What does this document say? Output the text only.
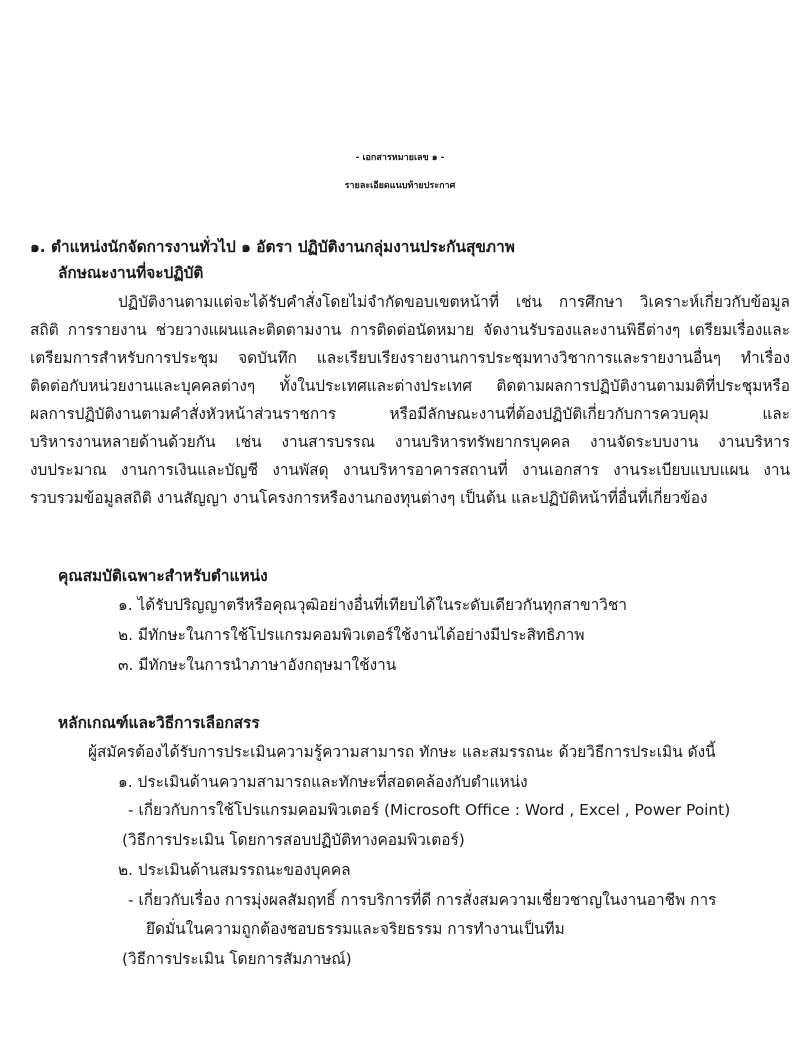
- เอกสารหมายเลข ๑ -
รายละเอียดแนบท้ายประกาศ
๑. ตำแหน่งนักจัดการงานทั่วไป ๑ อัตรา ปฏิบัติงานกลุ่มงานประกันสุขภาพ
ลักษณะงานที่จะปฏิบัติ
ปฏิบัติงานตามแต่จะได้รับคำสั่งโดยไม่จำกัดขอบเขตหน้าที่ เช่น การศึกษา วิเคราะห์เกี่ยวกับข้อมูล
สถิติ การรายงาน ช่วยวางแผนและติดตามงาน การติดต่อนัดหมาย จัดงานรับรองและงานพิธีต่างๆ เตรียมเรื่องและ
เตรียมการสำหรับการประชุม จดบันทึก และเรียบเรียงรายงานการประชุมทางวิชาการและรายงานอื่นๆ ทำเรื่อง
ติดต่อกับหน่วยงานและบุคคลต่างๆ ทั้งในประเทศและต่างประเทศ ติดตามผลการปฏิบัติงานตามมติที่ประชุมหรือ
ผลการปฏิบัติงานตามคำสั่งหัวหน้าส่วนราชการ หรือมีลักษณะงานที่ต้องปฏิบัติเกี่ยวกับการควบคุม และ
บริหารงานหลายด้านด้วยกัน เช่น งานสารบรรณ งานบริหารทรัพยากรบุคคล งานจัดระบบงาน งานบริหาร
งบประมาณ งานการเงินและบัญชี งานพัสดุ งานบริหารอาคารสถานที่ งานเอกสาร งานระเบียบแบบแผน งาน
รวบรวมข้อมูลสถิติ งานสัญญา งานโครงการหรืองานกองทุนต่างๆ เป็นต้น และปฏิบัติหน้าที่อื่นที่เกี่ยวข้อง
คุณสมบัติเฉพาะสำหรับตำแหน่ง
๑. ได้รับปริญญาตรีหรือคุณวุฒิอย่างอื่นที่เทียบได้ในระดับเดียวกันทุกสาขาวิชา
๒. มีทักษะในการใช้โปรแกรมคอมพิวเตอร์ใช้งานได้อย่างมีประสิทธิภาพ
๓. มีทักษะในการนำภาษาอังกฤษมาใช้งาน
หลักเกณฑ์และวิธีการเลือกสรร
ผู้สมัครต้องได้รับการประเมินความรู้ความสามารถ ทักษะ และสมรรถนะ ด้วยวิธีการประเมิน ดังนี้
๑. ประเมินด้านความสามารถและทักษะที่สอดคล้องกับตำแหน่ง
- เกี่ยวกับการใช้โปรแกรมคอมพิวเตอร์ (Microsoft Office : Word , Excel , Power Point)
(วิธีการประเมิน โดยการสอบปฏิบัติทางคอมพิวเตอร์)
๒. ประเมินด้านสมรรถนะของบุคคล
- เกี่ยวกับเรื่อง การมุ่งผลสัมฤทธิ์ การบริการที่ดี การสั่งสมความเชี่ยวชาญในงานอาชีพ การ
ยึดมั่นในความถูกต้องชอบธรรมและจริยธรรม การทำงานเป็นทีม
(วิธีการประเมิน โดยการสัมภาษณ์)
